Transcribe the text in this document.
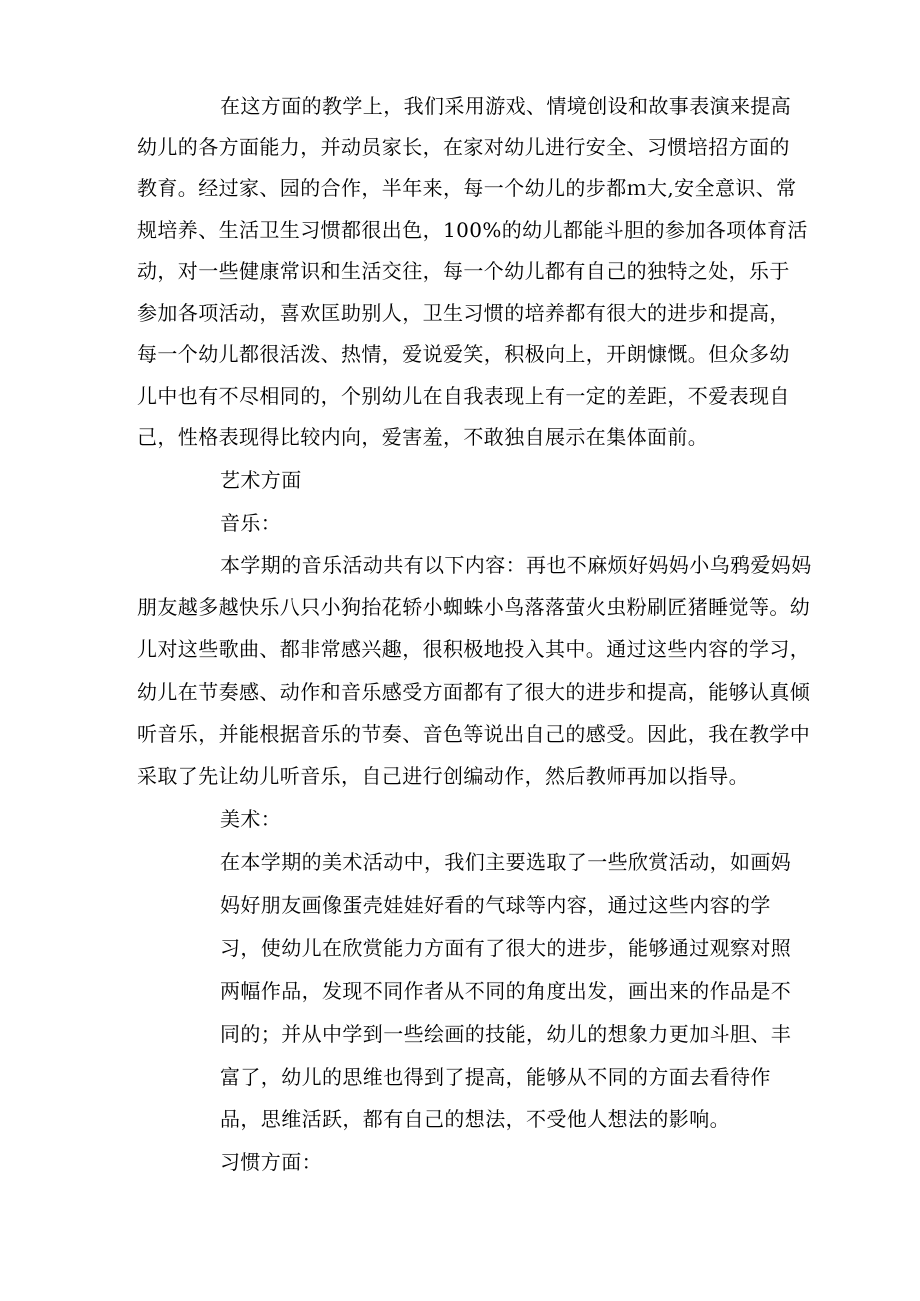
在这方面的教学上，我们采用游戏、情境创设和故事表演来提高
幼儿的各方面能力，并动员家长，在家对幼儿进行安全、习惯培招方面的
教育。经过家、园的合作，半年来，每一个幼儿的步都ｍ大,安全意识、常
规培养、生活卫生习惯都很出色，100%的幼儿都能斗胆的参加各项体育活
动，对一些健康常识和生活交往，每一个幼儿都有自己的独特之处，乐于
参加各项活动，喜欢匡助别人，卫生习惯的培养都有很大的进步和提高，
每一个幼儿都很活泼、热情，爱说爱笑，积极向上，开朗慷慨。但众多幼
儿中也有不尽相同的，个别幼儿在自我表现上有一定的差距，不爱表现自
己，性格表现得比较内向，爱害羞，不敢独自展示在集体面前。
艺术方面
音乐：
本学期的音乐活动共有以下内容：再也不麻烦好妈妈小乌鸦爱妈妈
朋友越多越快乐八只小狗抬花轿小蜘蛛小鸟落落萤火虫粉刷匠猪睡觉等。幼
儿对这些歌曲、都非常感兴趣，很积极地投入其中。通过这些内容的学习，
幼儿在节奏感、动作和音乐感受方面都有了很大的进步和提高，能够认真倾
听音乐，并能根据音乐的节奏、音色等说出自己的感受。因此，我在教学中
采取了先让幼儿听音乐，自己进行创编动作，然后教师再加以指导。
美术：
在本学期的美术活动中，我们主要选取了一些欣赏活动，如画妈
妈好朋友画像蛋壳娃娃好看的气球等内容，通过这些内容的学
习，使幼儿在欣赏能力方面有了很大的进步，能够通过观察对照
两幅作品，发现不同作者从不同的角度出发，画出来的作品是不
同的；并从中学到一些绘画的技能，幼儿的想象力更加斗胆、丰
富了，幼儿的思维也得到了提高，能够从不同的方面去看待作
品，思维活跃，都有自己的想法，不受他人想法的影响。
习惯方面：
